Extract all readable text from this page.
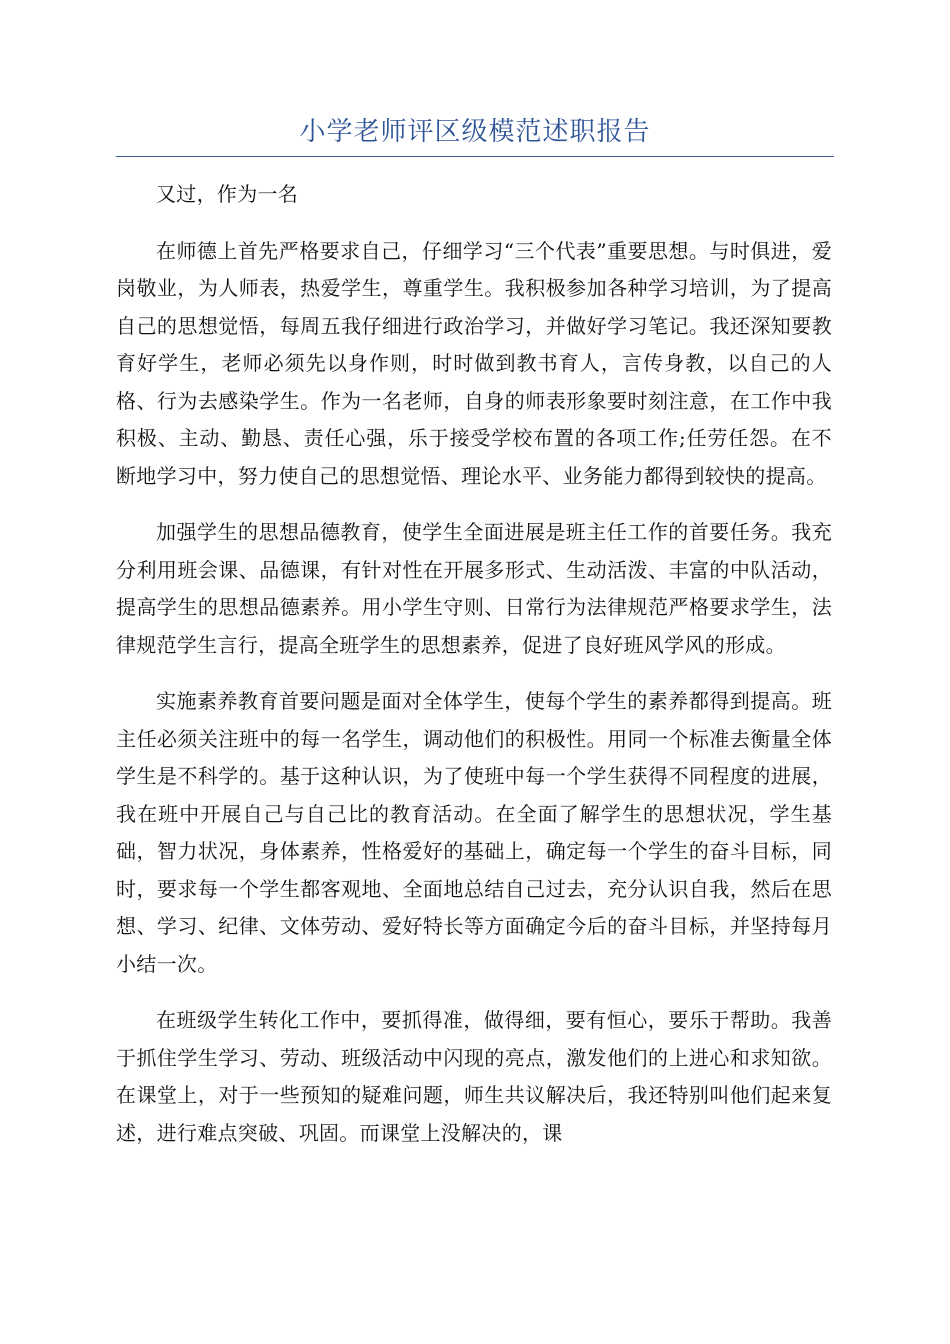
小学老师评区级模范述职报告

又过，作为一名

在师德上首先严格要求自己，仔细学习“三个代表”重要思想。与时俱进，爱岗敬业，为人师表，热爱学生，尊重学生。我积极参加各种学习培训，为了提高自己的思想觉悟，每周五我仔细进行政治学习，并做好学习笔记。我还深知要教育好学生，老师必须先以身作则，时时做到教书育人，言传身教，以自己的人格、行为去感染学生。作为一名老师，自身的师表形象要时刻注意，在工作中我积极、主动、勤恳、责任心强，乐于接受学校布置的各项工作;任劳任怨。在不断地学习中，努力使自己的思想觉悟、理论水平、业务能力都得到较快的提高。

加强学生的思想品德教育，使学生全面进展是班主任工作的首要任务。我充分利用班会课、品德课，有针对性在开展多形式、生动活泼、丰富的中队活动，提高学生的思想品德素养。用小学生守则、日常行为法律规范严格要求学生，法律规范学生言行，提高全班学生的思想素养，促进了良好班风学风的形成。

实施素养教育首要问题是面对全体学生，使每个学生的素养都得到提高。班主任必须关注班中的每一名学生，调动他们的积极性。用同一个标准去衡量全体学生是不科学的。基于这种认识，为了使班中每一个学生获得不同程度的进展，我在班中开展自己与自己比的教育活动。在全面了解学生的思想状况，学生基础，智力状况，身体素养，性格爱好的基础上，确定每一个学生的奋斗目标，同时，要求每一个学生都客观地、全面地总结自己过去，充分认识自我，然后在思想、学习、纪律、文体劳动、爱好特长等方面确定今后的奋斗目标，并坚持每月小结一次。

在班级学生转化工作中，要抓得准，做得细，要有恒心，要乐于帮助。我善于抓住学生学习、劳动、班级活动中闪现的亮点，激发他们的上进心和求知欲。在课堂上，对于一些预知的疑难问题，师生共议解决后，我还特别叫他们起来复述，进行难点突破、巩固。而课堂上没解决的，课
